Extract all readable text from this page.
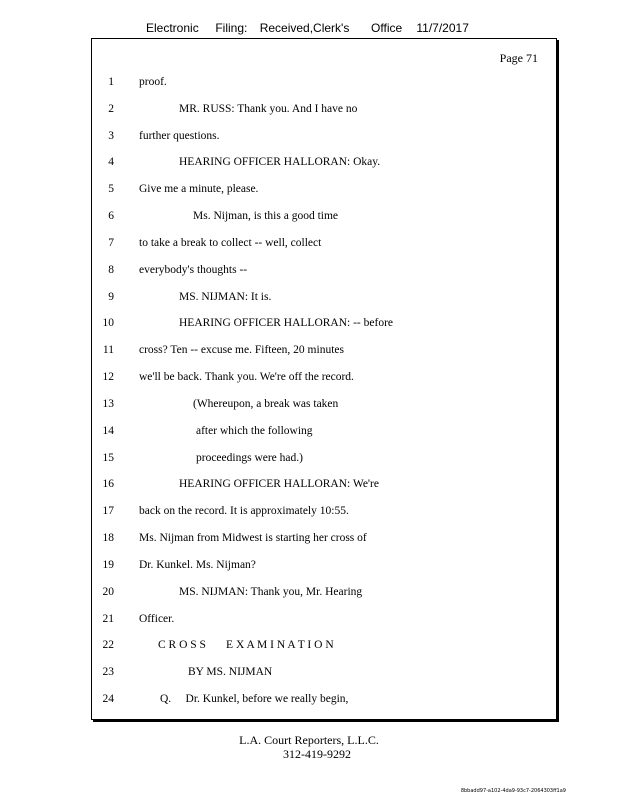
Electronic Filing: Received,Clerk's Office 11/7/2017
Page 71
1 proof.
2	MR. RUSS: Thank you. And I have no
3 further questions.
4	HEARING OFFICER HALLORAN: Okay.
5 Give me a minute, please.
6	Ms. Nijman, is this a good time
7 to take a break to collect -- well, collect
8 everybody's thoughts --
9	MS. NIJMAN: It is.
10	HEARING OFFICER HALLORAN: -- before
11 cross? Ten -- excuse me. Fifteen, 20 minutes
12 we'll be back. Thank you. We're off the record.
13	(Whereupon, a break was taken
14	after which the following
15	proceedings were had.)
16	HEARING OFFICER HALLORAN: We're
17 back on the record. It is approximately 10:55.
18 Ms. Nijman from Midwest is starting her cross of
19 Dr. Kunkel. Ms. Nijman?
20	MS. NIJMAN: Thank you, Mr. Hearing
21 Officer.
22	C R O S S       E X A M I N A T I O N
23	BY MS. NIJMAN
24	Q.     Dr. Kunkel, before we really begin,
L.A. Court Reporters, L.L.C.
312-419-9292
8bbadd97-a102-4da9-93c7-2064303ff1a9
